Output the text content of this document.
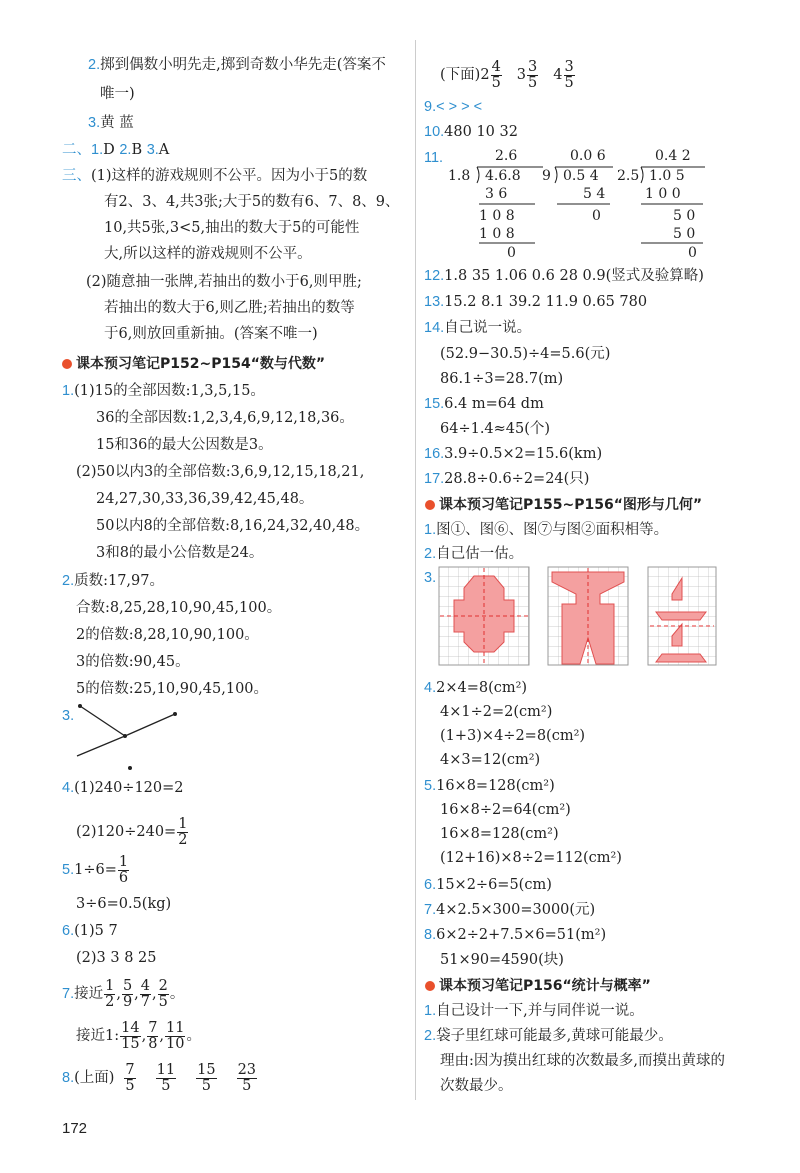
2.掷到偶数小明先走,掷到奇数小华先走(答案不
唯一)
3.黄 蓝
二、1.D 2.B 3.A
三、(1)这样的游戏规则不公平。因为小于5的数
有2、3、4,共3张;大于5的数有6、7、8、9、
10,共5张,3<5,抽出的数大于5的可能性
大,所以这样的游戏规则不公平。
(2)随意抽一张牌,若抽出的数小于6,则甲胜;
若抽出的数大于6,则乙胜;若抽出的数等
于6,则放回重新抽。(答案不唯一)
课本预习笔记P152~P154“数与代数”
1.(1)15的全部因数:1,3,5,15。
36的全部因数:1,2,3,4,6,9,12,18,36。
15和36的最大公因数是3。
(2)50以内3的全部倍数:3,6,9,12,15,18,21,
24,27,30,33,36,39,42,45,48。
50以内8的全部倍数:8,16,24,32,40,48。
3和8的最小公倍数是24。
2.质数:17,97。
合数:8,25,28,10,90,45,100。
2的倍数:8,28,10,90,100。
3的倍数:90,45。
5的倍数:25,10,90,45,100。
3.
4.(1)240÷120=2
$(2)120\div 240= \frac{1}{2}$
$5.1\div 6= \frac{1}{6}$
3÷6=0.5(kg)
6.(1)5 7
(2)3 3 8 25
7.接近 $\frac{1}{2}$ , $\frac{5}{9}$ , $\frac{4}{7}$ , $\frac{2}{5}$ 。
接近1: $\frac{14}{15}$ , $\frac{7}{8}$ , $\frac{11}{10}$ 。
8.(上面) $\frac{7}{5} \frac{11}{5} \frac{15}{5} \frac{23}{5}$
172
(下面)$2 \frac{4}{5} 3 \frac{3}{5} 4 \frac{3}{5}$
9.< > > <
10.480 10 32
11.	2.6
1.8 4.6.8
3 6
1 0 8
1 0 8
0
0.0 6
9 0.5 4
5 4
0
0.4 2
2.5 1.0 5
1 0 0
5 0
5 0
0
12.1.8 35 1.06 0.6 28 0.9(竖式及验算略)
13.15.2 8.1 39.2 11.9 0.65 780
14.自己说一说。
(52.9−30.5)÷4=5.6(元)
86.1÷3=28.7(m)
15.6.4 m=64 dm
64÷1.4≈45(个)
16.3.9÷0.5×2=15.6(km)
17.28.8÷0.6÷2=24(只)
课本预习笔记P155~P156“图形与几何”
1.图①、图⑥、图⑦与图②面积相等。
2.自己估一估。
3.
4.2×4=8(cm²)
4×1÷2=2(cm²)
(1+3)×4÷2=8(cm²)
4×3=12(cm²)
5.16×8=128(cm²)
16×8÷2=64(cm²)
16×8=128(cm²)
(12+16)×8÷2=112(cm²)
6.15×2÷6=5(cm)
7.4×2.5×300=3000(元)
8.6×2÷2+7.5×6=51(m²)
51×90=4590(块)
课本预习笔记P156“统计与概率”
1.自己设计一下,并与同伴说一说。
2.袋子里红球可能最多,黄球可能最少。
理由:因为摸出红球的次数最多,而摸出黄球的
次数最少。
